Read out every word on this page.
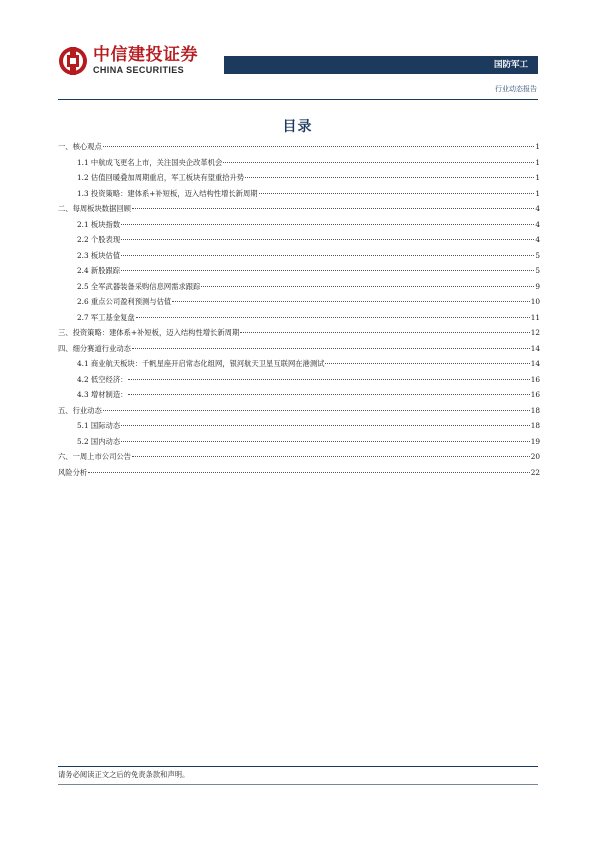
中信建投证券
CHINA SECURITIES	国防军工
行业动态报告
目录
一、核心观点	1
1.1 中航成飞更名上市，关注国央企改革机会	1
1.2 估值回暖叠加周期重启，军工板块有望重拾升势	1
1.3 投资策略：建体系+补短板，迈入结构性增长新周期	1
二、每周板块数据回顾	4
2.1 板块指数	4
2.2 个股表现	4
2.3 板块估值	5
2.4 新股跟踪	5
2.5 全军武器装备采购信息网需求跟踪	9
2.6 重点公司盈利预测与估值	10
2.7 军工基金复盘	11
三、投资策略：建体系+补短板，迈入结构性增长新周期	12
四、细分赛道行业动态	14
4.1 商业航天板块：千帆星座开启常态化组网，银河航天卫星互联网在港测试	14
4.2 低空经济：	16
4.3 增材制造：	16
五、行业动态	18
5.1 国际动态	18
5.2 国内动态	19
六、一周上市公司公告	20
风险分析	22
请务必阅读正文之后的免责条款和声明。
